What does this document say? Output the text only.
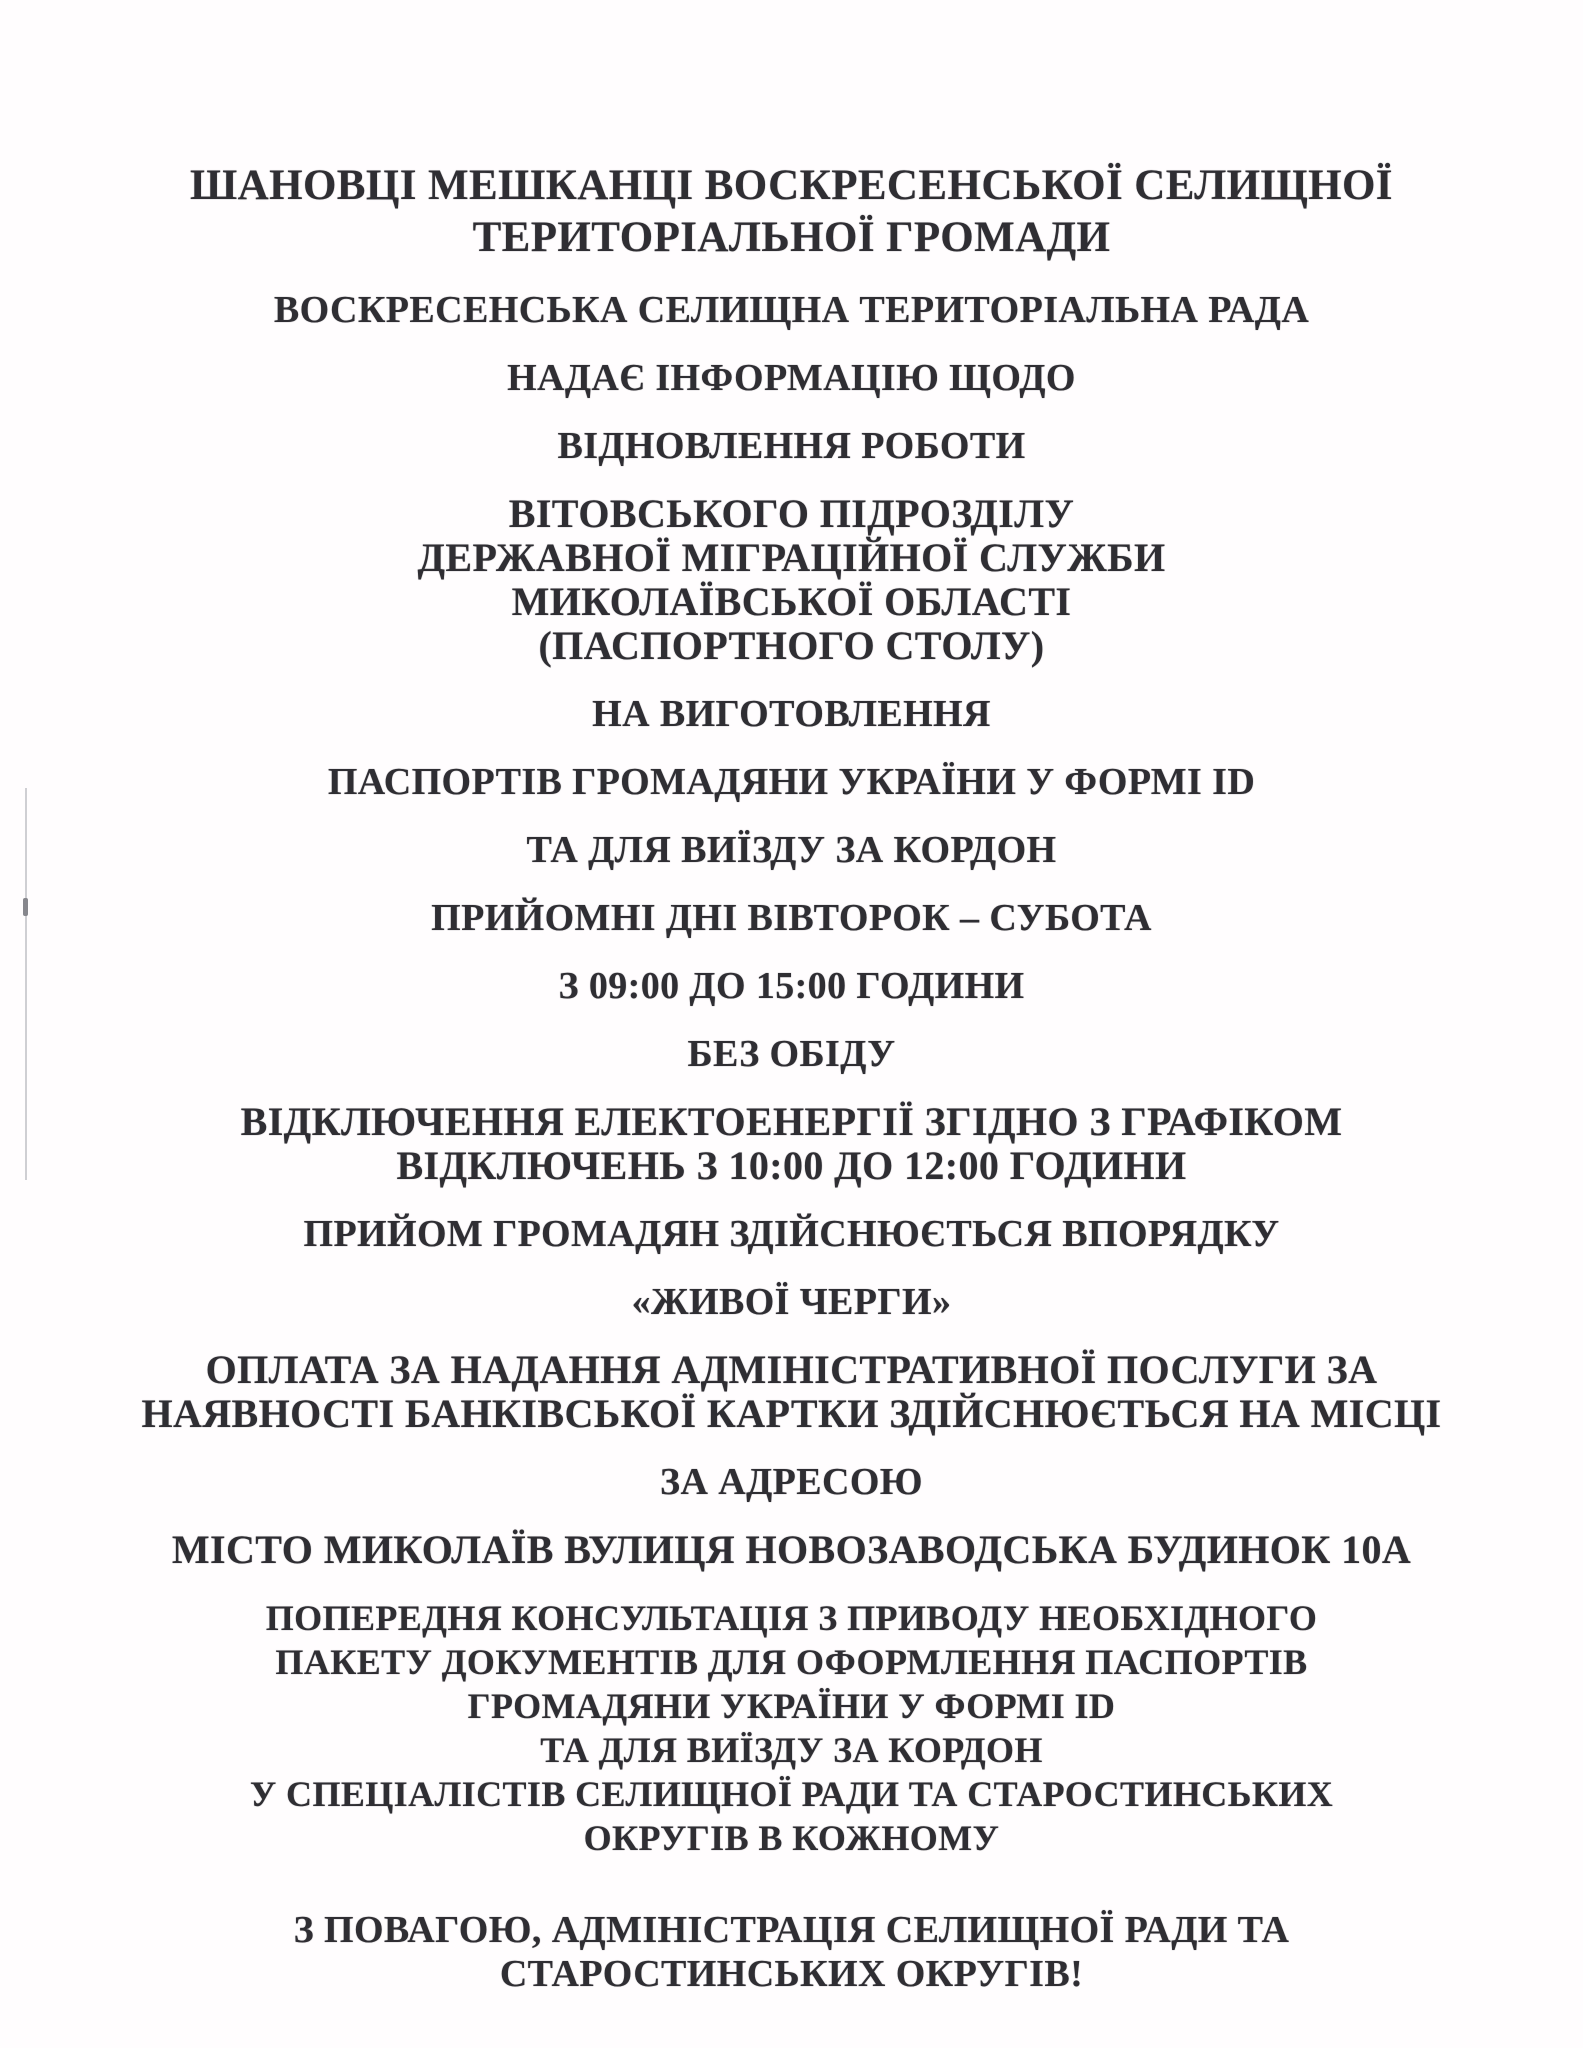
ШАНОВЦІ МЕШКАНЦІ ВОСКРЕСЕНСЬКОЇ СЕЛИЩНОЇ
ТЕРИТОРІАЛЬНОЇ ГРОМАДИ
ВОСКРЕСЕНСЬКА СЕЛИЩНА ТЕРИТОРІАЛЬНА РАДА
НАДАЄ ІНФОРМАЦІЮ ЩОДО
ВІДНОВЛЕННЯ РОБОТИ
ВІТОВСЬКОГО ПІДРОЗДІЛУ
ДЕРЖАВНОЇ МІГРАЦІЙНОЇ СЛУЖБИ
МИКОЛАЇВСЬКОЇ ОБЛАСТІ
(ПАСПОРТНОГО СТОЛУ)
НА ВИГОТОВЛЕННЯ
ПАСПОРТІВ ГРОМАДЯНИ УКРАЇНИ У ФОРМІ ID
ТА ДЛЯ ВИЇЗДУ ЗА КОРДОН
ПРИЙОМНІ ДНІ ВІВТОРОК – СУБОТА
З 09:00 ДО 15:00 ГОДИНИ
БЕЗ ОБІДУ
ВІДКЛЮЧЕННЯ ЕЛЕКТОЕНЕРГІЇ ЗГІДНО З ГРАФІКОМ
ВІДКЛЮЧЕНЬ З 10:00 ДО 12:00 ГОДИНИ
ПРИЙОМ ГРОМАДЯН ЗДІЙСНЮЄТЬСЯ ВПОРЯДКУ
«ЖИВОЇ ЧЕРГИ»
ОПЛАТА ЗА НАДАННЯ АДМІНІСТРАТИВНОЇ ПОСЛУГИ ЗА
НАЯВНОСТІ БАНКІВСЬКОЇ КАРТКИ ЗДІЙСНЮЄТЬСЯ НА МІСЦІ
ЗА АДРЕСОЮ
МІСТО МИКОЛАЇВ ВУЛИЦЯ НОВОЗАВОДСЬКА БУДИНОК 10А
ПОПЕРЕДНЯ КОНСУЛЬТАЦІЯ З ПРИВОДУ НЕОБХІДНОГО
ПАКЕТУ ДОКУМЕНТІВ ДЛЯ ОФОРМЛЕННЯ ПАСПОРТІВ
ГРОМАДЯНИ УКРАЇНИ У ФОРМІ ID
ТА ДЛЯ ВИЇЗДУ ЗА КОРДОН
У СПЕЦІАЛІСТІВ СЕЛИЩНОЇ РАДИ ТА СТАРОСТИНСЬКИХ
ОКРУГІВ В КОЖНОМУ
З ПОВАГОЮ, АДМІНІСТРАЦІЯ СЕЛИЩНОЇ РАДИ ТА
СТАРОСТИНСЬКИХ ОКРУГІВ!
